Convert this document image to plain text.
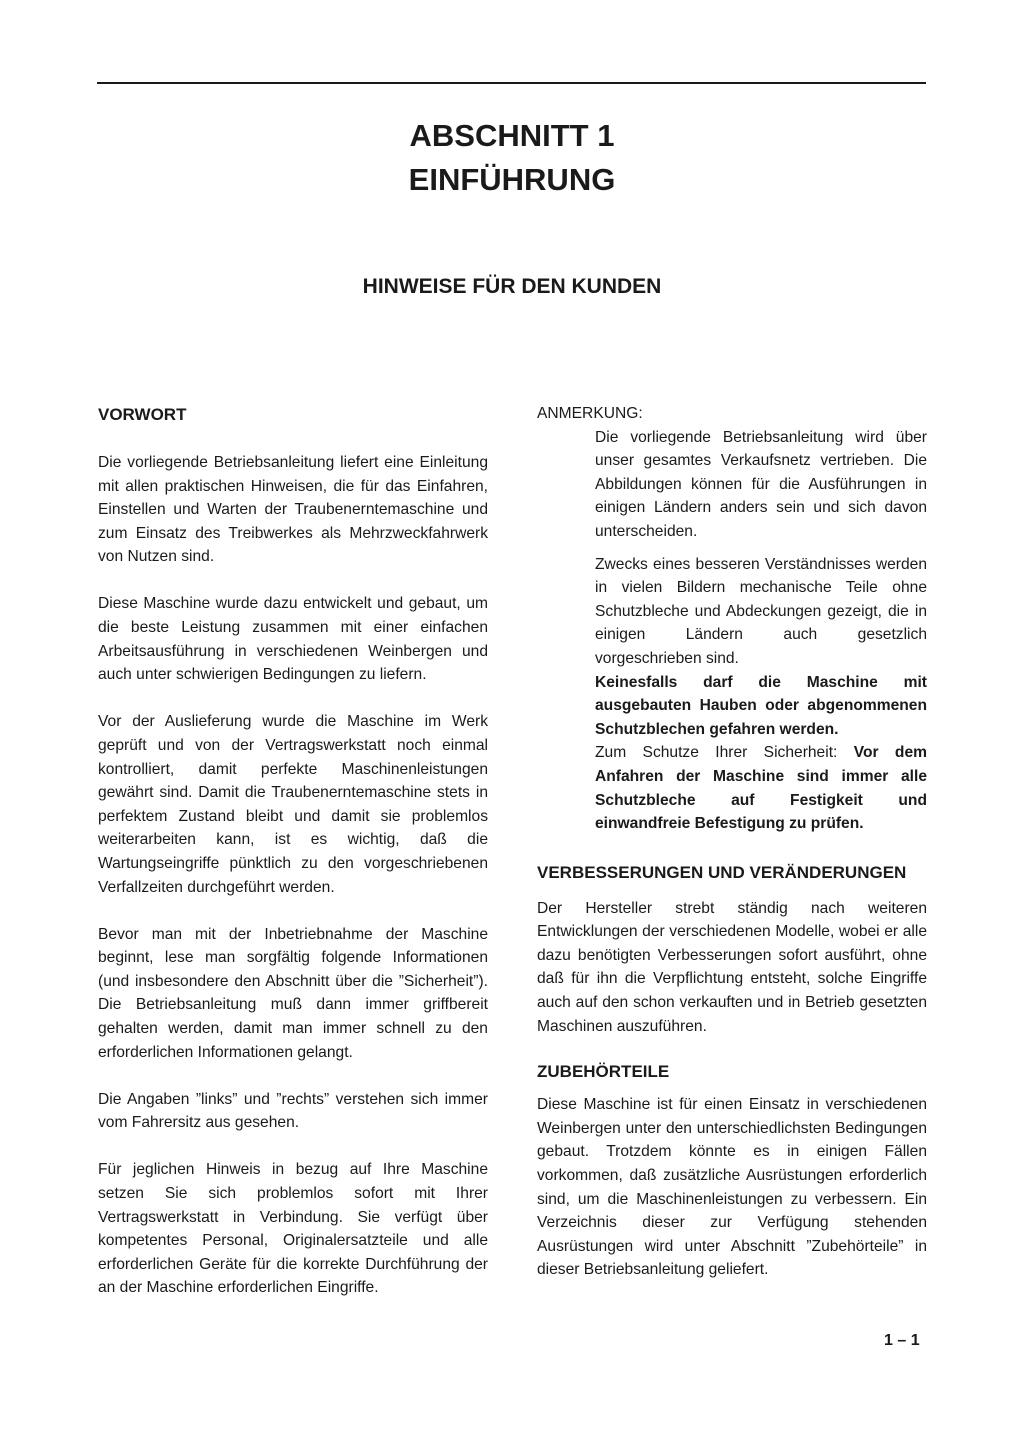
ABSCHNITT 1
EINFÜHRUNG
HINWEISE FÜR DEN KUNDEN
VORWORT

Die vorliegende Betriebsanleitung liefert eine Einleitung mit allen praktischen Hinweisen, die für das Einfahren, Einstellen und Warten der Traubenerntemaschine und zum Einsatz des Treibwerkes als Mehrzweckfahrwerk von Nutzen sind.

Diese Maschine wurde dazu entwickelt und gebaut, um die beste Leistung zusammen mit einer einfachen Arbeitsausführung in verschiedenen Weinbergen und auch unter schwierigen Bedingungen zu liefern.

Vor der Auslieferung wurde die Maschine im Werk geprüft und von der Vertragswerkstatt noch einmal kontrolliert, damit perfekte Maschinenleistungen gewährt sind. Damit die Traubenerntemaschine stets in perfektem Zustand bleibt und damit sie problemlos weiterarbeiten kann, ist es wichtig, daß die Wartungseingriffe pünktlich zu den vorgeschriebenen Verfallzeiten durchgeführt werden.

Bevor man mit der Inbetriebnahme der Maschine beginnt, lese man sorgfältig folgende Informationen (und insbesondere den Abschnitt über die ”Sicherheit”). Die Betriebsanleitung muß dann immer griffbereit gehalten werden, damit man immer schnell zu den erforderlichen Informationen gelangt.

Die Angaben ”links” und ”rechts” verstehen sich immer vom Fahrersitz aus gesehen.

Für jeglichen Hinweis in bezug auf Ihre Maschine setzen Sie sich problemlos sofort mit Ihrer Vertragswerkstatt in Verbindung. Sie verfügt über kompetentes Personal, Originalersatzteile und alle erforderlichen Geräte für die korrekte Durchführung der an der Maschine erforderlichen Eingriffe.

ANMERKUNG:

Die vorliegende Betriebsanleitung wird über unser gesamtes Verkaufsnetz vertrieben. Die Abbildungen können für die Ausführungen in einigen Ländern anders sein und sich davon unterscheiden.

Zwecks eines besseren Verständnisses werden in vielen Bildern mechanische Teile ohne Schutzbleche und Abdeckungen gezeigt, die in einigen Ländern auch gesetzlich vorgeschrieben sind.

Keinesfalls darf die Maschine mit ausgebauten Hauben oder abgenommenen Schutzblechen gefahren werden.

Zum Schutze Ihrer Sicherheit: Vor dem Anfahren der Maschine sind immer alle Schutzbleche auf Festigkeit und einwandfreie Befestigung zu prüfen.

VERBESSERUNGEN UND VERÄNDERUNGEN

Der Hersteller strebt ständig nach weiteren Entwicklungen der verschiedenen Modelle, wobei er alle dazu benötigten Verbesserungen sofort ausführt, ohne daß für ihn die Verpflichtung entsteht, solche Eingriffe auch auf den schon verkauften und in Betrieb gesetzten Maschinen auszuführen.

ZUBEHÖRTEILE

Diese Maschine ist für einen Einsatz in verschiedenen Weinbergen unter den unterschiedlichsten Bedingungen gebaut. Trotzdem könnte es in einigen Fällen vorkommen, daß zusätzliche Ausrüstungen erforderlich sind, um die Maschinenleistungen zu verbessern. Ein Verzeichnis dieser zur Verfügung stehenden Ausrüstungen wird unter Abschnitt ”Zubehörteile” in dieser Betriebsanleitung geliefert.

1 – 1
